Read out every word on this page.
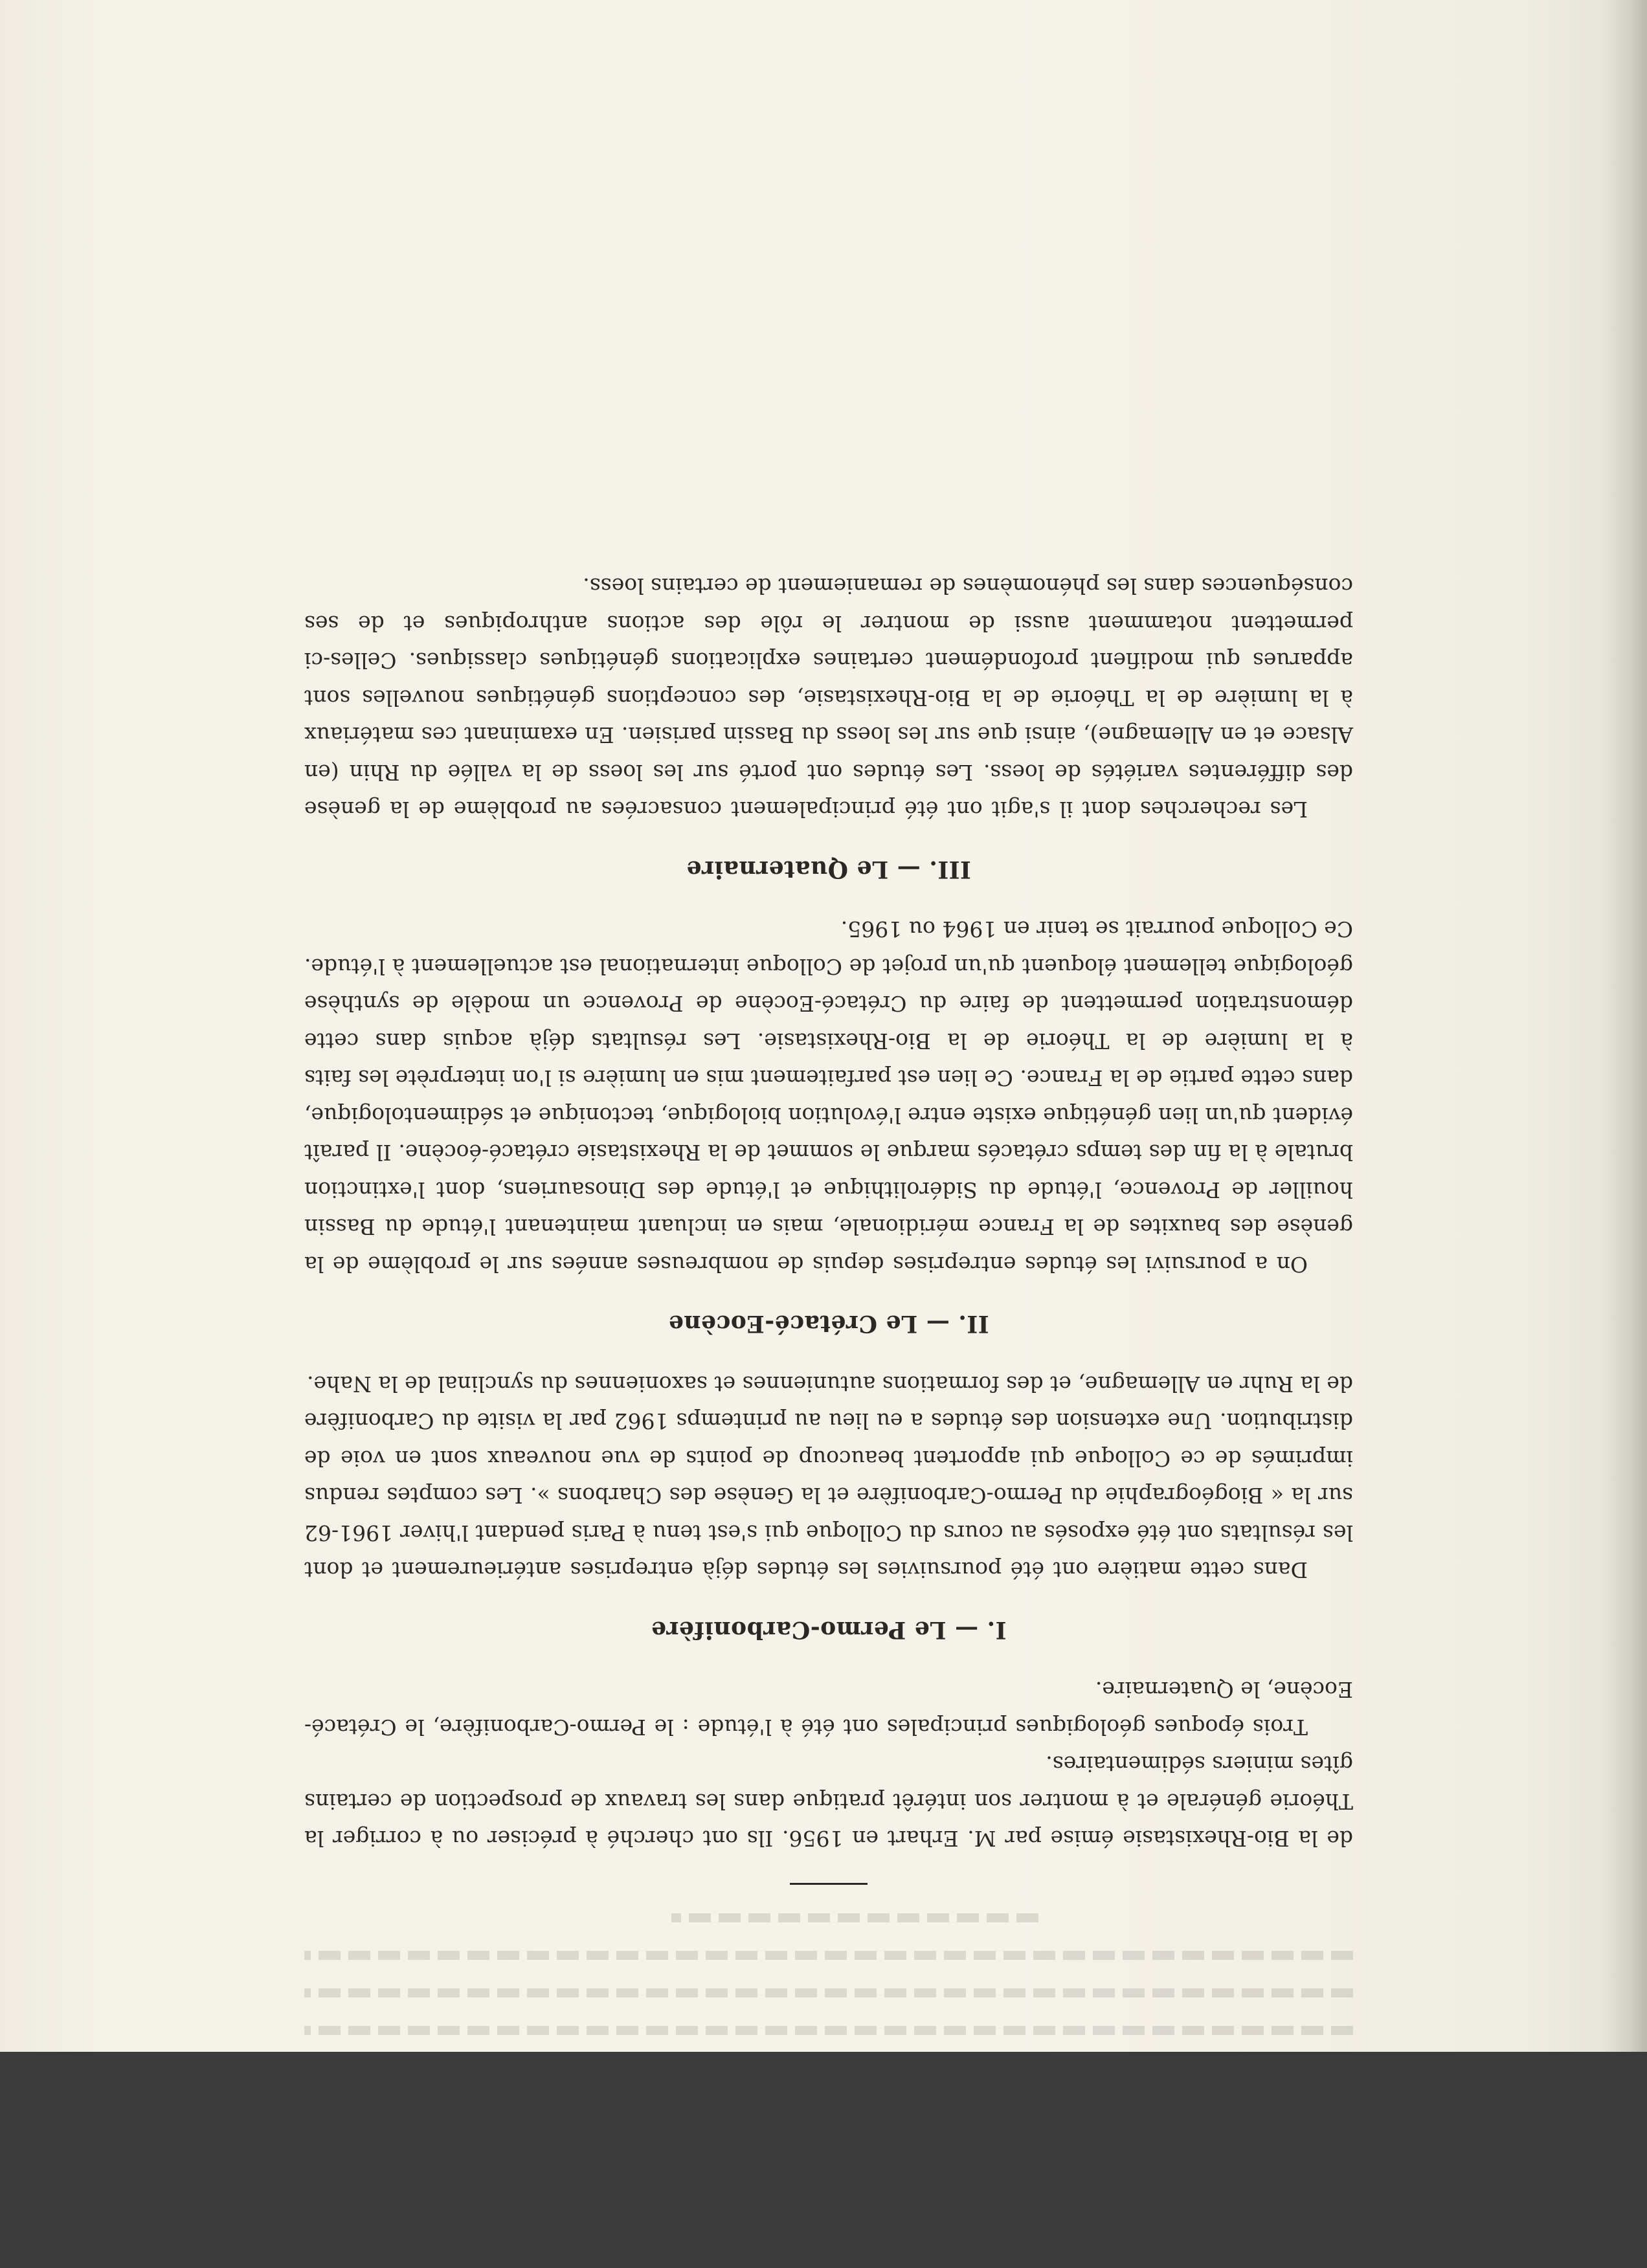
de la Bio-Rhexistasie émise par M. Erhart en 1956. Ils ont cherché à préciser ou à corriger la Théorie générale et à montrer son intérêt pratique dans les travaux de prospection de certains gîtes miniers sédimentaires.

Trois époques géologiques principales ont été à l'étude : le Permo-Carbonifère, le Crétacé-Eocène, le Quaternaire.

I. — Le Permo-Carbonifère

Dans cette matière ont été poursuivies les études déjà entreprises antérieurement et dont les résultats ont été exposés au cours du Colloque qui s'est tenu à Paris pendant l'hiver 1961-62 sur la « Biogéographie du Permo-Carbonifère et la Genèse des Charbons ». Les comptes rendus imprimés de ce Colloque qui apportent beaucoup de points de vue nouveaux sont en voie de distribution. Une extension des études a eu lieu au printemps 1962 par la visite du Carbonifère de la Ruhr en Allemagne, et des formations autuniennes et saxoniennes du synclinal de la Nahe.

II. — Le Crétacé-Eocène

On a poursuivi les études entreprises depuis de nombreuses années sur le problème de la genèse des bauxites de la France méridionale, mais en incluant maintenant l'étude du Bassin houiller de Provence, l'étude du Sidérolithique et l'étude des Dinosauriens, dont l'extinction brutale à la fin des temps crétacés marque le sommet de la Rhexistasie crétacé-éocène. Il paraît évident qu'un lien génétique existe entre l'évolution biologique, tectonique et sédimentologique, dans cette partie de la France. Ce lien est parfaitement mis en lumière si l'on interprète les faits à la lumière de la Théorie de la Bio-Rhexistasie. Les résultats déjà acquis dans cette démonstration permettent de faire du Crétacé-Eocène de Provence un modèle de synthèse géologique tellement éloquent qu'un projet de Colloque international est actuellement à l'étude. Ce Colloque pourrait se tenir en 1964 ou 1965.

III. — Le Quaternaire

Les recherches dont il s'agit ont été principalement consacrées au problème de la genèse des différentes variétés de loess. Les études ont porté sur les loess de la vallée du Rhin (en Alsace et en Allemagne), ainsi que sur les loess du Bassin parisien. En examinant ces matériaux à la lumière de la Théorie de la Bio-Rhexistasie, des conceptions génétiques nouvelles sont apparues qui modifient profondément certaines explications génétiques classiques. Celles-ci permettent notamment aussi de montrer le rôle des actions anthropiques et de ses conséquences dans les phénomènes de remaniement de certains loess.
